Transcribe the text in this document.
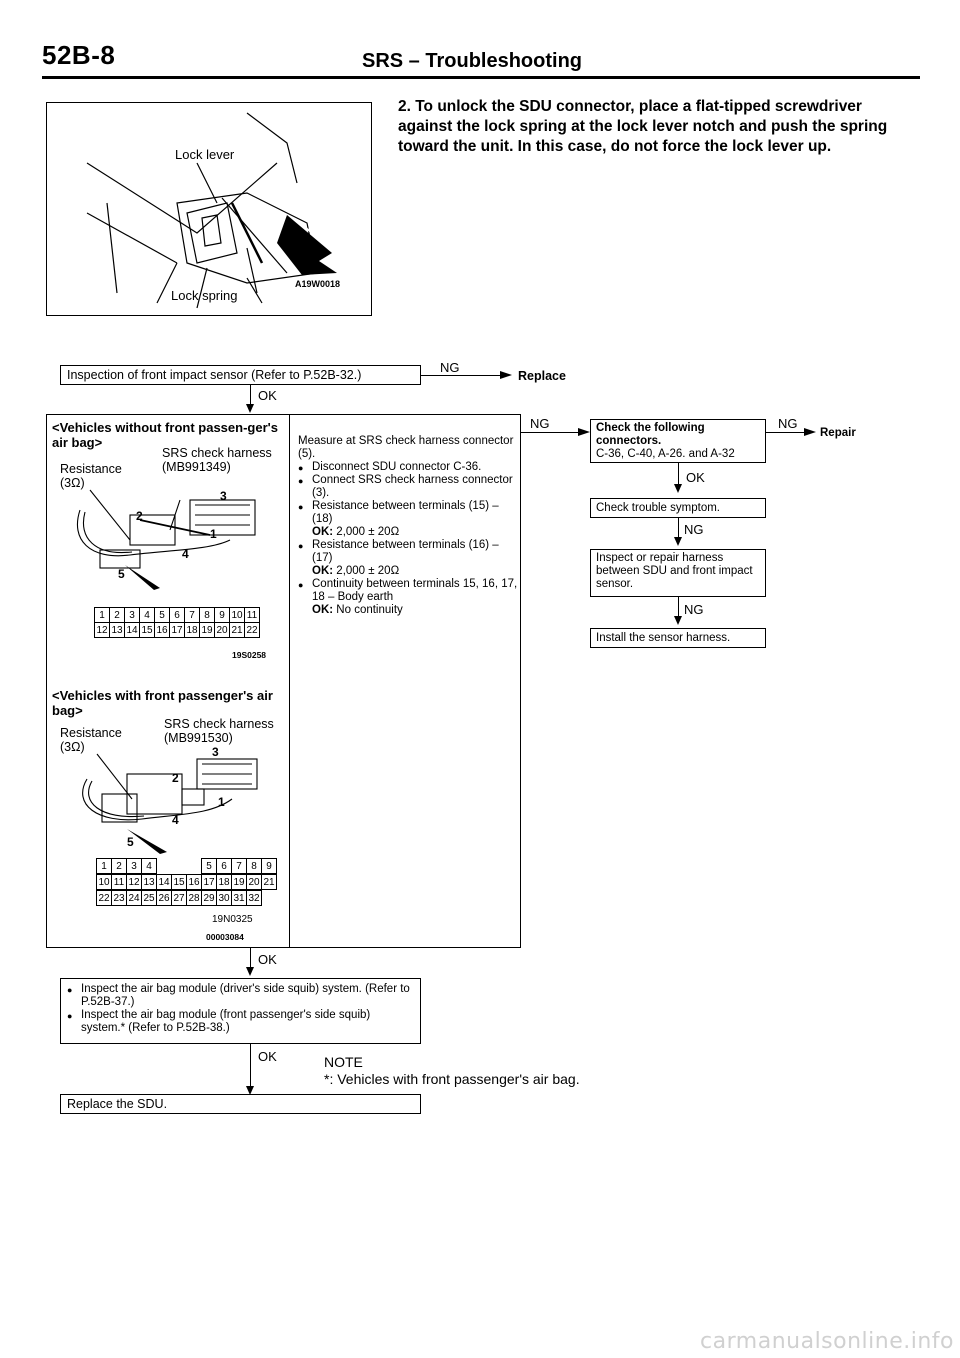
52B-8	SRS – Troubleshooting
Lock lever
Lock spring
A19W0018
2. To unlock the SDU connector, place a flat-tipped screwdriver against the lock spring at the lock lever notch and push the spring toward the unit. In this case, do not force the lock lever up.
Inspection of front impact sensor (Refer to P.52B-32.)	NG
Replace
OK
<Vehicles without front passen-ger's air bag>
SRS check harness (MB991349)
Resistance (3Ω)
3
2
1
4
5
1	2	3	4	5	6	7	8	9	10	11
12	13	14	15	16	17	18	19	20	21	22
19S0258
<Vehicles with front passenger's air bag>
SRS check harness (MB991530)
Resistance (3Ω)	3
2
1
4
5
1	2	3	4		5	6	7	8	9
10	11	12	13	14	15	16	17	18	19	20	21
22	23	24	25	26	27	28	29	30	31	32
19N0325
00003084
Measure at SRS check harness connector (5).
● Disconnect SDU connector C-36.
● Connect SRS check harness connector (3).
● Resistance between terminals (15) – (18)
OK: 2,000 ± 20Ω
● Resistance between terminals (16) – (17)
OK: 2,000 ± 20Ω
● Continuity between terminals 15, 16, 17, 18 – Body earth
OK: No continuity
NG	Check the following connectors.
C-36, C-40, A-26. and A-32
NG
Repair
OK
Check trouble symptom.
NG
Inspect or repair harness between SDU and front impact sensor.
NG
Install the sensor harness.
OK
● Inspect the air bag module (driver's side squib) system. (Refer to P.52B-37.)
● Inspect the air bag module (front passenger's side squib) system.* (Refer to P.52B-38.)
OK	NOTE
*: Vehicles with front passenger's air bag.
Replace the SDU.
carmanualsonline.info
